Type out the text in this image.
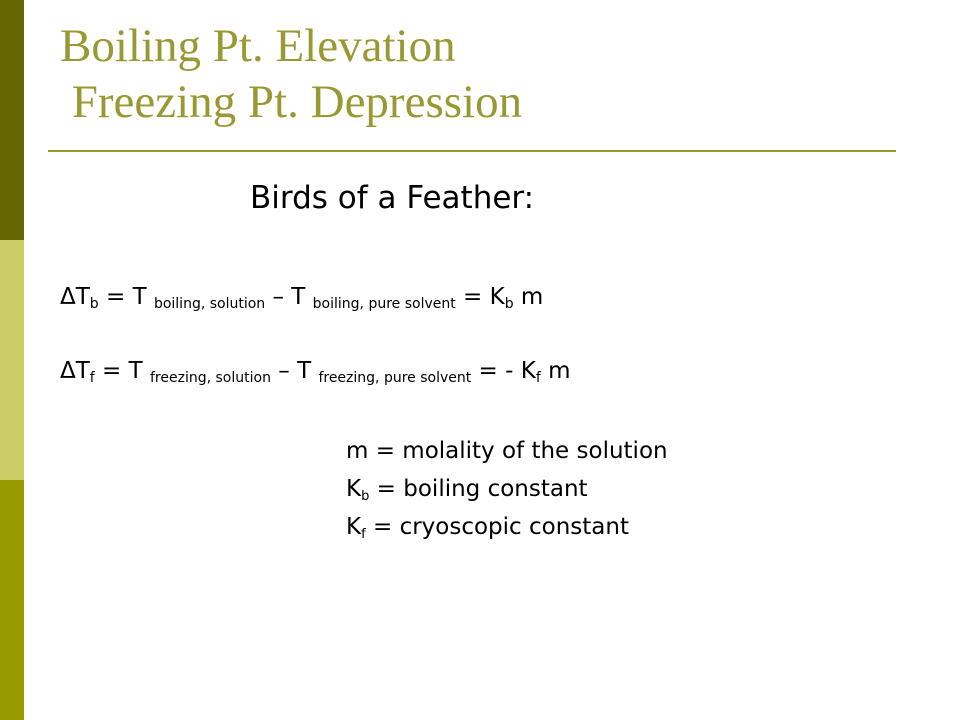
Boiling Pt. Elevation
Freezing Pt. Depression
Birds of a Feather:
$\Delta T_b = T$ $_{boiling, solution}$ – T $_{boiling, pure solvent} = K_b$ m
$\Delta T_f = T$ $_{freezing, solution}$ – T $_{freezing, pure solvent}$ = - $K_f$ m
m = molality of the solution
$K_b$ = boiling constant
$K_f$ = cryoscopic constant
